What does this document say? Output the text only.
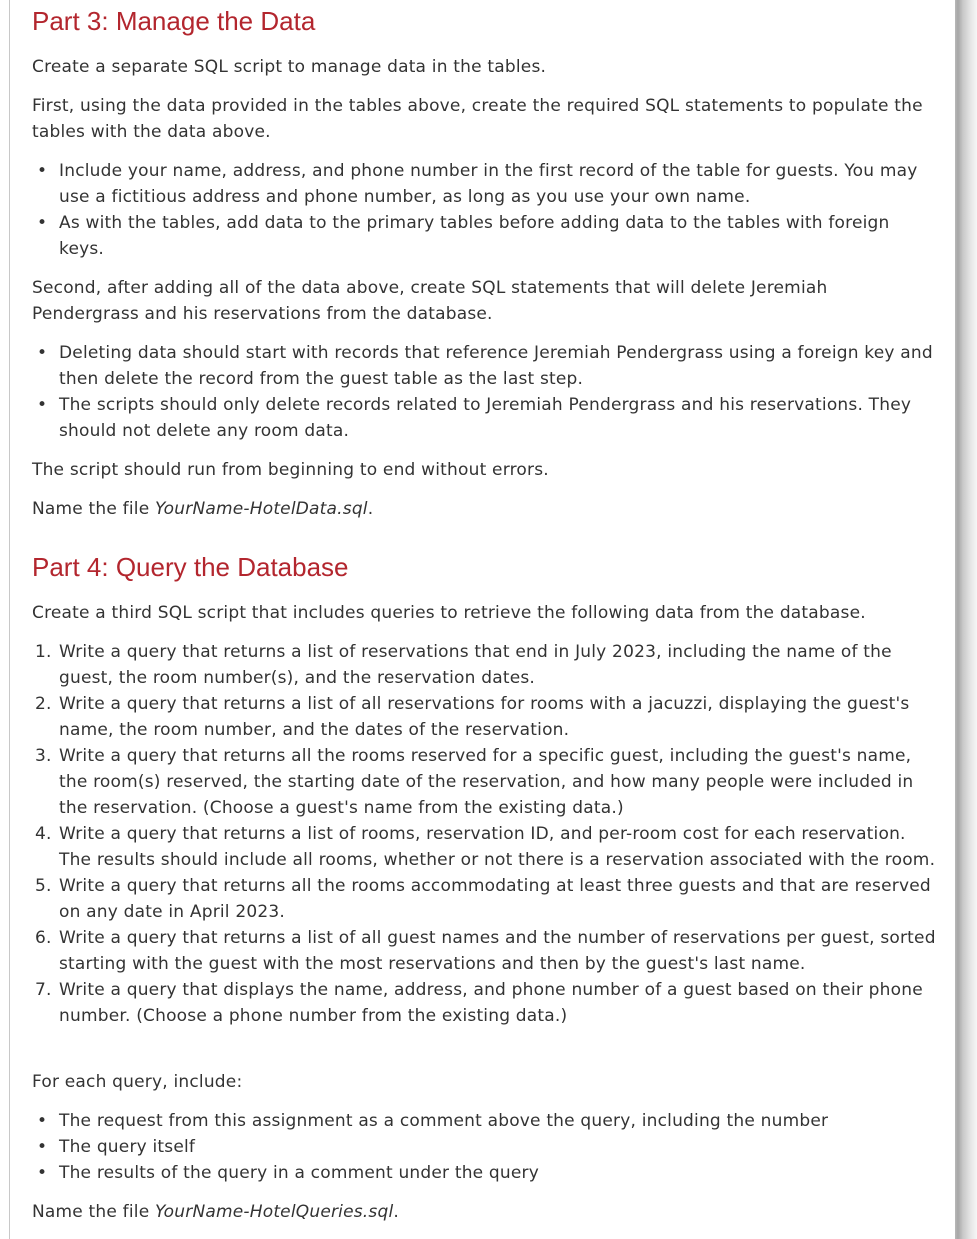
Part 3: Manage the Data

Create a separate SQL script to manage data in the tables.

First, using the data provided in the tables above, create the required SQL statements to populate the tables with the data above.

• Include your name, address, and phone number in the first record of the table for guests. You may use a fictitious address and phone number, as long as you use your own name.
• As with the tables, add data to the primary tables before adding data to the tables with foreign keys.

Second, after adding all of the data above, create SQL statements that will delete Jeremiah Pendergrass and his reservations from the database.

• Deleting data should start with records that reference Jeremiah Pendergrass using a foreign key and then delete the record from the guest table as the last step.
• The scripts should only delete records related to Jeremiah Pendergrass and his reservations. They should not delete any room data.

The script should run from beginning to end without errors.

Name the file YourName-HotelData.sql.

Part 4: Query the Database

Create a third SQL script that includes queries to retrieve the following data from the database.

1. Write a query that returns a list of reservations that end in July 2023, including the name of the guest, the room number(s), and the reservation dates.
2. Write a query that returns a list of all reservations for rooms with a jacuzzi, displaying the guest's name, the room number, and the dates of the reservation.
3. Write a query that returns all the rooms reserved for a specific guest, including the guest's name, the room(s) reserved, the starting date of the reservation, and how many people were included in the reservation. (Choose a guest's name from the existing data.)
4. Write a query that returns a list of rooms, reservation ID, and per-room cost for each reservation. The results should include all rooms, whether or not there is a reservation associated with the room.
5. Write a query that returns all the rooms accommodating at least three guests and that are reserved on any date in April 2023.
6. Write a query that returns a list of all guest names and the number of reservations per guest, sorted starting with the guest with the most reservations and then by the guest's last name.
7. Write a query that displays the name, address, and phone number of a guest based on their phone number. (Choose a phone number from the existing data.)

For each query, include:

• The request from this assignment as a comment above the query, including the number
• The query itself
• The results of the query in a comment under the query

Name the file YourName-HotelQueries.sql.
